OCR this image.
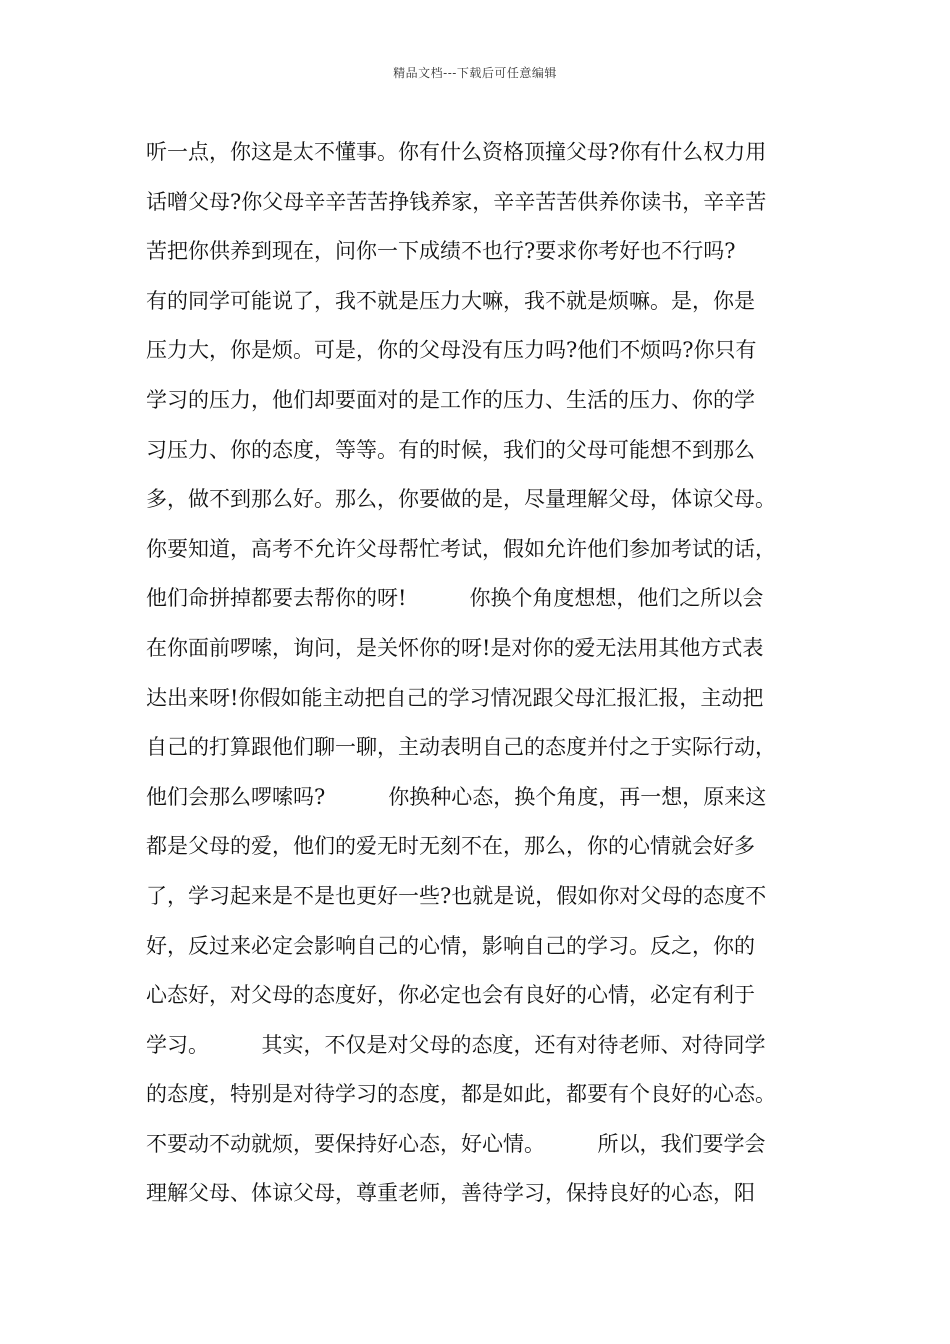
精品文档---下载后可任意编辑
听一点，你这是太不懂事。你有什么资格顶撞父母?你有什么权力用
话噌父母?你父母辛辛苦苦挣钱养家，辛辛苦苦供养你读书，辛辛苦
苦把你供养到现在，问你一下成绩不也行?要求你考好也不行吗?
有的同学可能说了，我不就是压力大嘛，我不就是烦嘛。是，你是
压力大，你是烦。可是，你的父母没有压力吗?他们不烦吗?你只有
学习的压力，他们却要面对的是工作的压力、生活的压力、你的学
习压力、你的态度，等等。有的时候，我们的父母可能想不到那么
多，做不到那么好。那么，你要做的是，尽量理解父母，体谅父母。
你要知道，高考不允许父母帮忙考试，假如允许他们参加考试的话，
他们命拼掉都要去帮你的呀!　　　你换个角度想想，他们之所以会
在你面前啰嗦，询问，是关怀你的呀!是对你的爱无法用其他方式表
达出来呀!你假如能主动把自己的学习情况跟父母汇报汇报，主动把
自己的打算跟他们聊一聊，主动表明自己的态度并付之于实际行动，
他们会那么啰嗦吗?　　　你换种心态，换个角度，再一想，原来这
都是父母的爱，他们的爱无时无刻不在，那么，你的心情就会好多
了，学习起来是不是也更好一些?也就是说，假如你对父母的态度不
好，反过来必定会影响自己的心情，影响自己的学习。反之，你的
心态好，对父母的态度好，你必定也会有良好的心情，必定有利于
学习。　　　其实，不仅是对父母的态度，还有对待老师、对待同学
的态度，特别是对待学习的态度，都是如此，都要有个良好的心态。
不要动不动就烦，要保持好心态，好心情。　　　所以，我们要学会
理解父母、体谅父母，尊重老师，善待学习，保持良好的心态，阳
